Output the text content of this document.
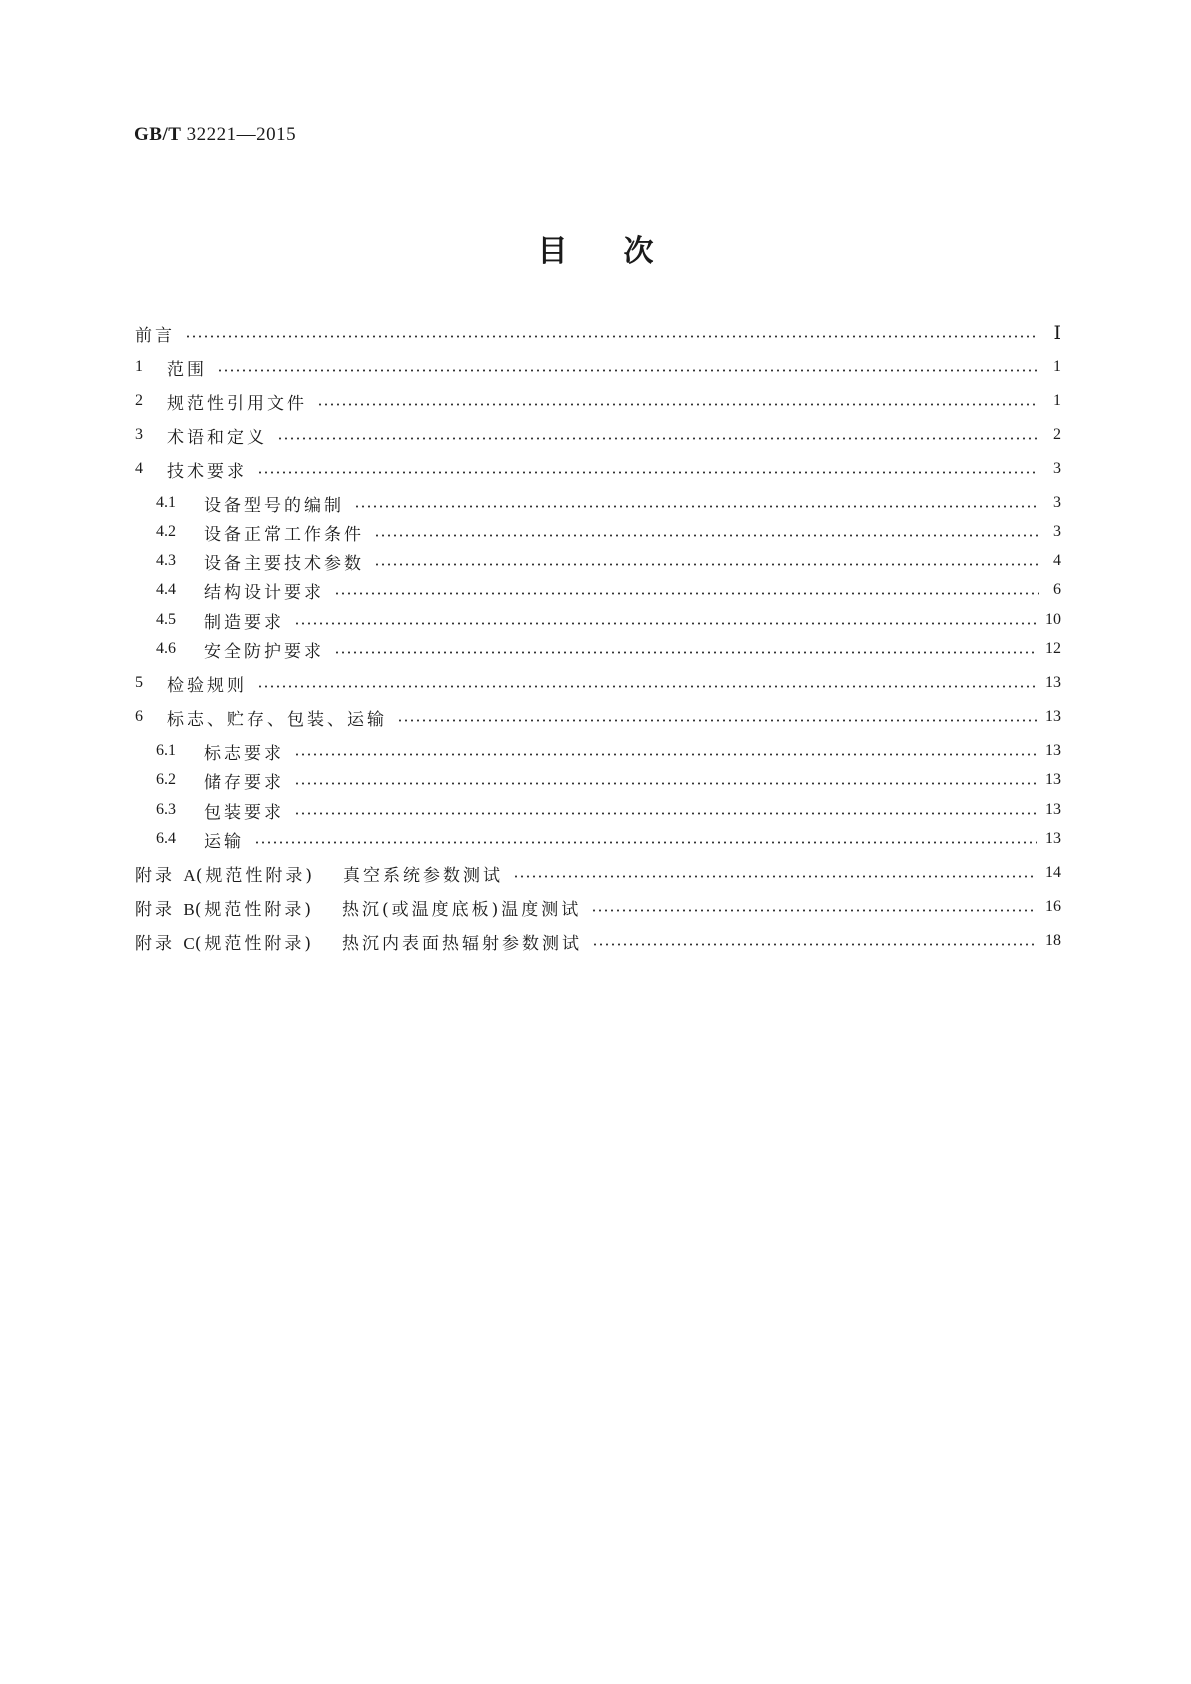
GB/T 32221—2015
目次
前言	Ⅰ
1	范围	1
2	规范性引用文件	1
3	术语和定义	2
4	技术要求	3
4.1	设备型号的编制	3
4.2	设备正常工作条件	3
4.3	设备主要技术参数	4
4.4	结构设计要求	6
4.5	制造要求	10
4.6	安全防护要求	12
5	检验规则	13
6	标志、贮存、包装、运输	13
6.1	标志要求	13
6.2	储存要求	13
6.3	包装要求	13
6.4	运输	13
附录 A(规范性附录) 真空系统参数测试	14
附录 B(规范性附录) 热沉(或温度底板)温度测试	16
附录 C(规范性附录) 热沉内表面热辐射参数测试	18
